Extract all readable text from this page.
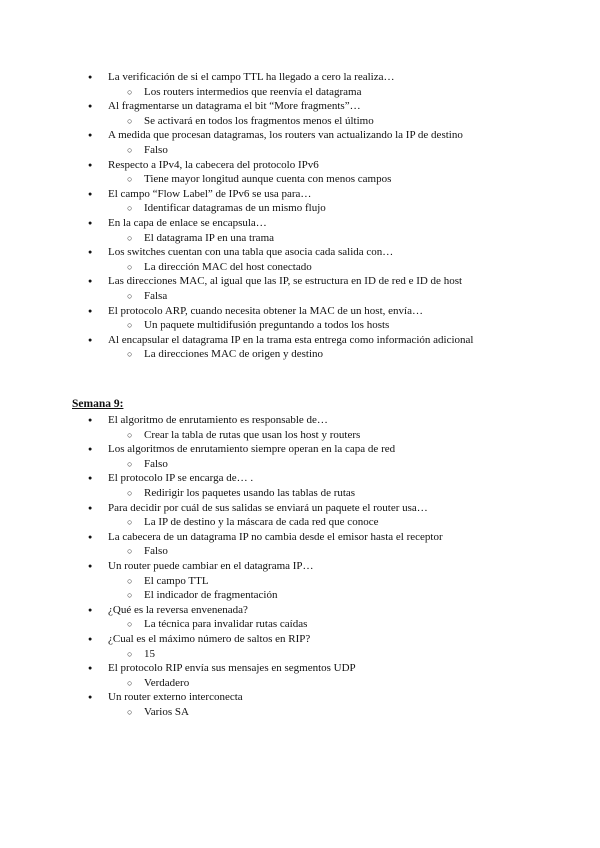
● La verificación de si el campo TTL ha llegado a cero la realiza…
○ Los routers intermedios que reenvía el datagrama
● Al fragmentarse un datagrama el bit “More fragments”…
○ Se activará en todos los fragmentos menos el último
● A medida que procesan datagramas, los routers van actualizando la IP de destino
○ Falso
● Respecto a IPv4, la cabecera del protocolo IPv6
○ Tiene mayor longitud aunque cuenta con menos campos
● El campo “Flow Label” de IPv6 se usa para…
○ Identificar datagramas de un mismo flujo
● En la capa de enlace se encapsula…
○ El datagrama IP en una trama
● Los switches cuentan con una tabla que asocia cada salida con…
○ La dirección MAC del host conectado
● Las direcciones MAC, al igual que las IP, se estructura en ID de red e ID de host
○ Falsa
● El protocolo ARP, cuando necesita obtener la MAC de un host, envía…
○ Un paquete multidifusión preguntando a todos los hosts
● Al encapsular el datagrama IP en la trama esta entrega como información adicional
○ La direcciones MAC de origen y destino
Semana 9:
● El algoritmo de enrutamiento es responsable de…
○ Crear la tabla de rutas que usan los host y routers
● Los algoritmos de enrutamiento siempre operan en la capa de red
○ Falso
● El protocolo IP se encarga de… .
○ Redirigir los paquetes usando las tablas de rutas
● Para decidir por cuál de sus salidas se enviará un paquete el router usa…
○ La IP de destino y la máscara de cada red que conoce
● La cabecera de un datagrama IP no cambia desde el emisor hasta el receptor
○ Falso
● Un router puede cambiar en el datagrama IP…
○ El campo TTL
○ El indicador de fragmentación
● ¿Qué es la reversa envenenada?
○ La técnica para invalidar rutas caídas
● ¿Cual es el máximo número de saltos en RIP?
○ 15
● El protocolo RIP envía sus mensajes en segmentos UDP
○ Verdadero
● Un router externo interconecta
○ Varios SA
